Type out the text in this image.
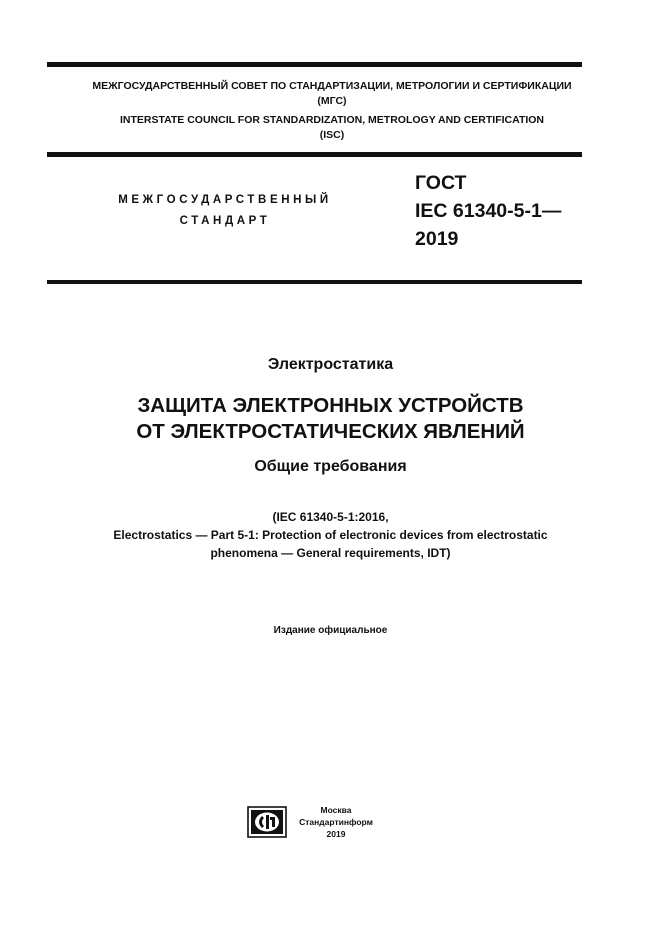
МЕЖГОСУДАРСТВЕННЫЙ СОВЕТ ПО СТАНДАРТИЗАЦИИ, МЕТРОЛОГИИ И СЕРТИФИКАЦИИ
(МГС)
INTERSTATE COUNCIL FOR STANDARDIZATION, METROLOGY AND CERTIFICATION
(ISC)
МЕЖГОСУДАРСТВЕННЫЙ
СТАНДАРТ
ГОСТ
IEC 61340-5-1—
2019
Электростатика
ЗАЩИТА ЭЛЕКТРОННЫХ УСТРОЙСТВ
ОТ ЭЛЕКТРОСТАТИЧЕСКИХ ЯВЛЕНИЙ
Общие требования
(IEC 61340-5-1:2016,
Electrostatics — Part 5-1: Protection of electronic devices from electrostatic
phenomena — General requirements, IDT)
Издание официальное
Москва
Стандартинформ
2019
